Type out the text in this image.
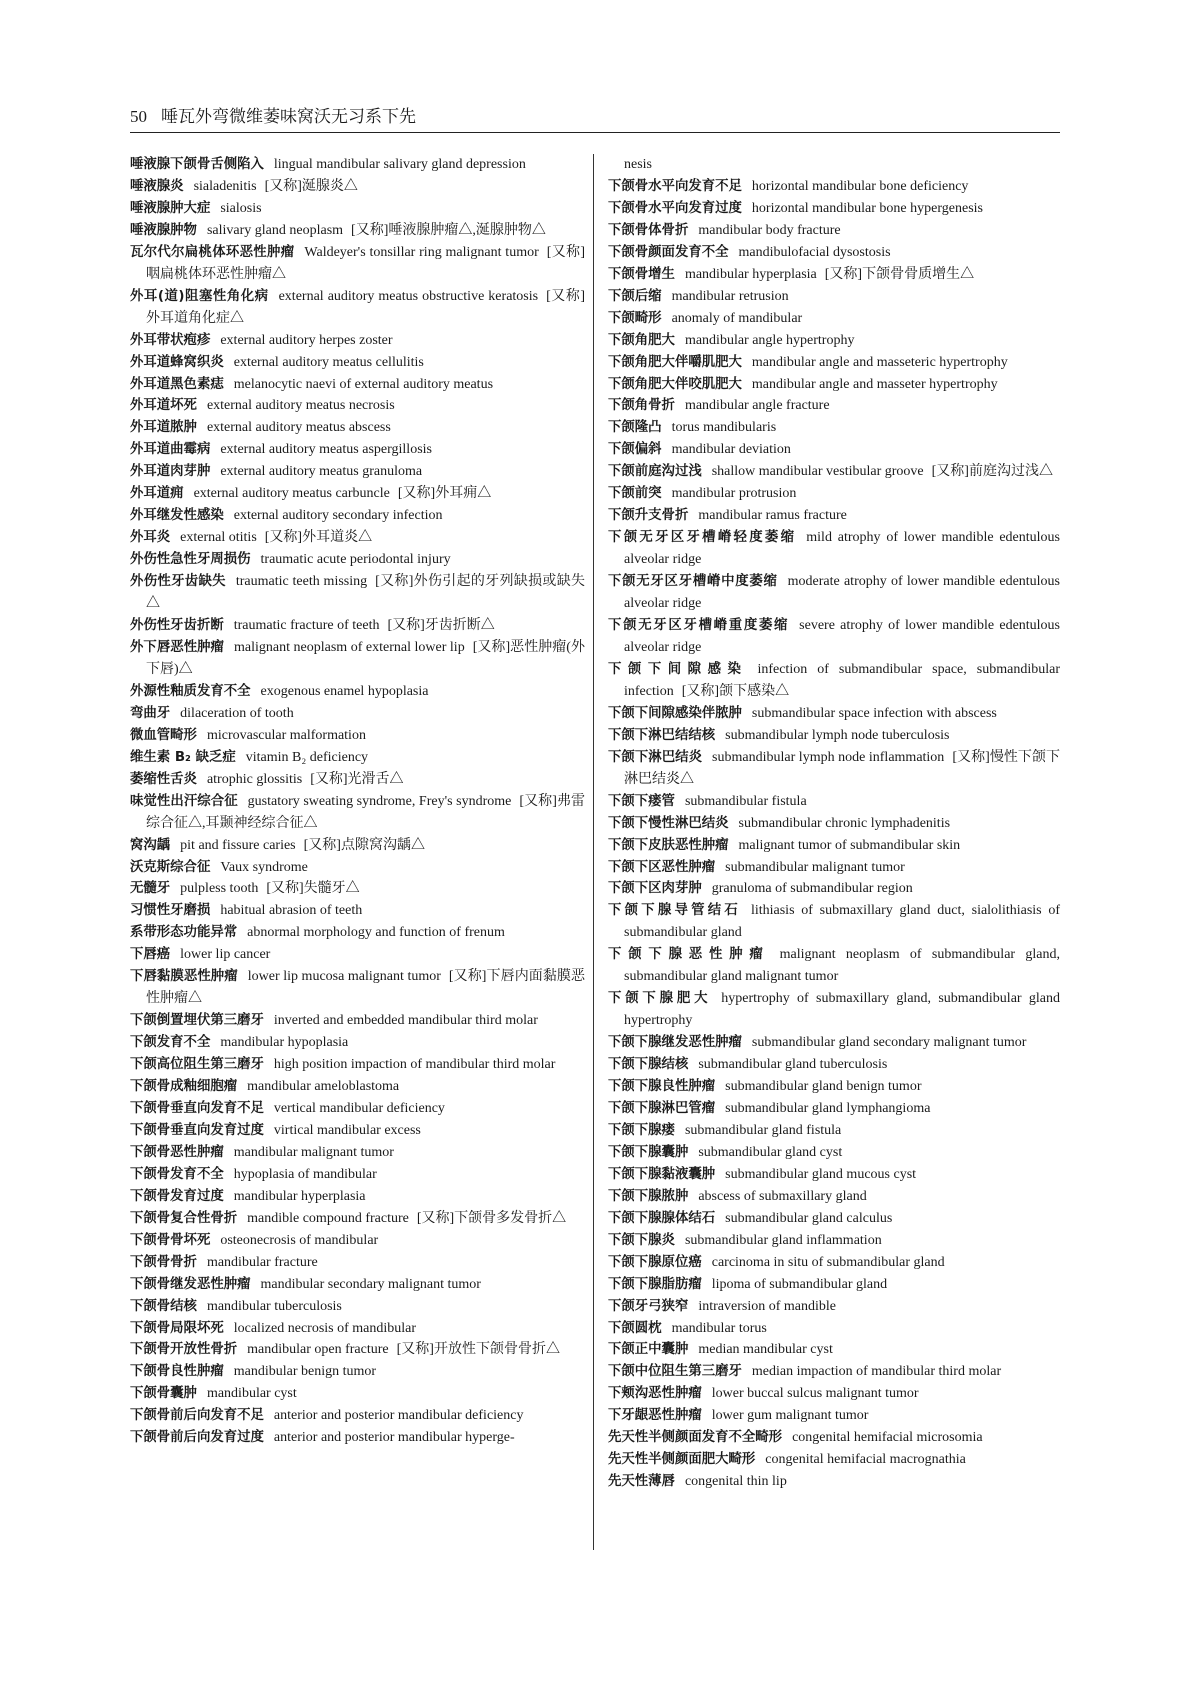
50 唾瓦外弯微维萎味窝沃无习系下先
唾液腺下颌骨舌侧陷入 lingual mandibular salivary gland depression
唾液腺炎 sialadenitis [又称]涎腺炎△
唾液腺肿大症 sialosis
唾液腺肿物 salivary gland neoplasm [又称]唾液腺肿瘤△,涎腺肿物△
瓦尔代尔扁桃体环恶性肿瘤 Waldeyer's tonsillar ring malignant tumor [又称]咽扁桃体环恶性肿瘤△
外耳(道)阻塞性角化病 external auditory meatus obstructive keratosis [又称]外耳道角化症△
外耳带状疱疹 external auditory herpes zoster
外耳道蜂窝织炎 external auditory meatus cellulitis
外耳道黑色素痣 melanocytic naevi of external auditory meatus
外耳道坏死 external auditory meatus necrosis
外耳道脓肿 external auditory meatus abscess
外耳道曲霉病 external auditory meatus aspergillosis
外耳道肉芽肿 external auditory meatus granuloma
外耳道痈 external auditory meatus carbuncle [又称]外耳痈△
外耳继发性感染 external auditory secondary infection
外耳炎 external otitis [又称]外耳道炎△
外伤性急性牙周损伤 traumatic acute periodontal injury
外伤性牙齿缺失 traumatic teeth missing [又称]外伤引起的牙列缺损或缺失△
外伤性牙齿折断 traumatic fracture of teeth [又称]牙齿折断△
外下唇恶性肿瘤 malignant neoplasm of external lower lip [又称]恶性肿瘤(外下唇)△
外源性釉质发育不全 exogenous enamel hypoplasia
弯曲牙 dilaceration of tooth
微血管畸形 microvascular malformation
维生素 B₂ 缺乏症 vitamin B₂ deficiency
萎缩性舌炎 atrophic glossitis [又称]光滑舌△
味觉性出汗综合征 gustatory sweating syndrome, Frey's syndrome [又称]弗雷综合征△,耳颞神经综合征△
窝沟龋 pit and fissure caries [又称]点隙窝沟龋△
沃克斯综合征 Vaux syndrome
无髓牙 pulpless tooth [又称]失髓牙△
习惯性牙磨损 habitual abrasion of teeth
系带形态功能异常 abnormal morphology and function of frenum
下唇癌 lower lip cancer
下唇黏膜恶性肿瘤 lower lip mucosa malignant tumor [又称]下唇内面黏膜恶性肿瘤△
下颌倒置埋伏第三磨牙 inverted and embedded mandibular third molar
下颌发育不全 mandibular hypoplasia
下颌高位阻生第三磨牙 high position impaction of mandibular third molar
下颌骨成釉细胞瘤 mandibular ameloblastoma
下颌骨垂直向发育不足 vertical mandibular deficiency
下颌骨垂直向发育过度 virtical mandibular excess
下颌骨恶性肿瘤 mandibular malignant tumor
下颌骨发育不全 hypoplasia of mandibular
下颌骨发育过度 mandibular hyperplasia
下颌骨复合性骨折 mandible compound fracture [又称]下颌骨多发骨折△
下颌骨骨坏死 osteonecrosis of mandibular
下颌骨骨折 mandibular fracture
下颌骨继发恶性肿瘤 mandibular secondary malignant tumor
下颌骨结核 mandibular tuberculosis
下颌骨局限坏死 localized necrosis of mandibular
下颌骨开放性骨折 mandibular open fracture [又称]开放性下颌骨骨折△
下颌骨良性肿瘤 mandibular benign tumor
下颌骨囊肿 mandibular cyst
下颌骨前后向发育不足 anterior and posterior mandibular deficiency
下颌骨前后向发育过度 anterior and posterior mandibular hyperge-
nesis
下颌骨水平向发育不足 horizontal mandibular bone deficiency
下颌骨水平向发育过度 horizontal mandibular bone hypergenesis
下颌骨体骨折 mandibular body fracture
下颌骨颜面发育不全 mandibulofacial dysostosis
下颌骨增生 mandibular hyperplasia [又称]下颌骨骨质增生△
下颌后缩 mandibular retrusion
下颌畸形 anomaly of mandibular
下颌角肥大 mandibular angle hypertrophy
下颌角肥大伴嚼肌肥大 mandibular angle and masseteric hypertrophy
下颌角肥大伴咬肌肥大 mandibular angle and masseter hypertrophy
下颌角骨折 mandibular angle fracture
下颌隆凸 torus mandibularis
下颌偏斜 mandibular deviation
下颌前庭沟过浅 shallow mandibular vestibular groove [又称]前庭沟过浅△
下颌前突 mandibular protrusion
下颌升支骨折 mandibular ramus fracture
下颌无牙区牙槽嵴轻度萎缩 mild atrophy of lower mandible edentulous alveolar ridge
下颌无牙区牙槽嵴中度萎缩 moderate atrophy of lower mandible edentulous alveolar ridge
下颌无牙区牙槽嵴重度萎缩 severe atrophy of lower mandible edentulous alveolar ridge
下颌下间隙感染 infection of submandibular space, submandibular infection [又称]颌下感染△
下颌下间隙感染伴脓肿 submandibular space infection with abscess
下颌下淋巴结结核 submandibular lymph node tuberculosis
下颌下淋巴结炎 submandibular lymph node inflammation [又称]慢性下颌下淋巴结炎△
下颌下瘘管 submandibular fistula
下颌下慢性淋巴结炎 submandibular chronic lymphadenitis
下颌下皮肤恶性肿瘤 malignant tumor of submandibular skin
下颌下区恶性肿瘤 submandibular malignant tumor
下颌下区肉芽肿 granuloma of submandibular region
下颌下腺导管结石 lithiasis of submaxillary gland duct, sialolithiasis of submandibular gland
下颌下腺恶性肿瘤 malignant neoplasm of submandibular gland, submandibular gland malignant tumor
下颌下腺肥大 hypertrophy of submaxillary gland, submandibular gland hypertrophy
下颌下腺继发恶性肿瘤 submandibular gland secondary malignant tumor
下颌下腺结核 submandibular gland tuberculosis
下颌下腺良性肿瘤 submandibular gland benign tumor
下颌下腺淋巴管瘤 submandibular gland lymphangioma
下颌下腺瘘 submandibular gland fistula
下颌下腺囊肿 submandibular gland cyst
下颌下腺黏液囊肿 submandibular gland mucous cyst
下颌下腺脓肿 abscess of submaxillary gland
下颌下腺腺体结石 submandibular gland calculus
下颌下腺炎 submandibular gland inflammation
下颌下腺原位癌 carcinoma in situ of submandibular gland
下颌下腺脂肪瘤 lipoma of submandibular gland
下颌牙弓狭窄 intraversion of mandible
下颌圆枕 mandibular torus
下颌正中囊肿 median mandibular cyst
下颌中位阻生第三磨牙 median impaction of mandibular third molar
下颊沟恶性肿瘤 lower buccal sulcus malignant tumor
下牙龈恶性肿瘤 lower gum malignant tumor
先天性半侧颜面发育不全畸形 congenital hemifacial microsomia
先天性半侧颜面肥大畸形 congenital hemifacial macrognathia
先天性薄唇 congenital thin lip
